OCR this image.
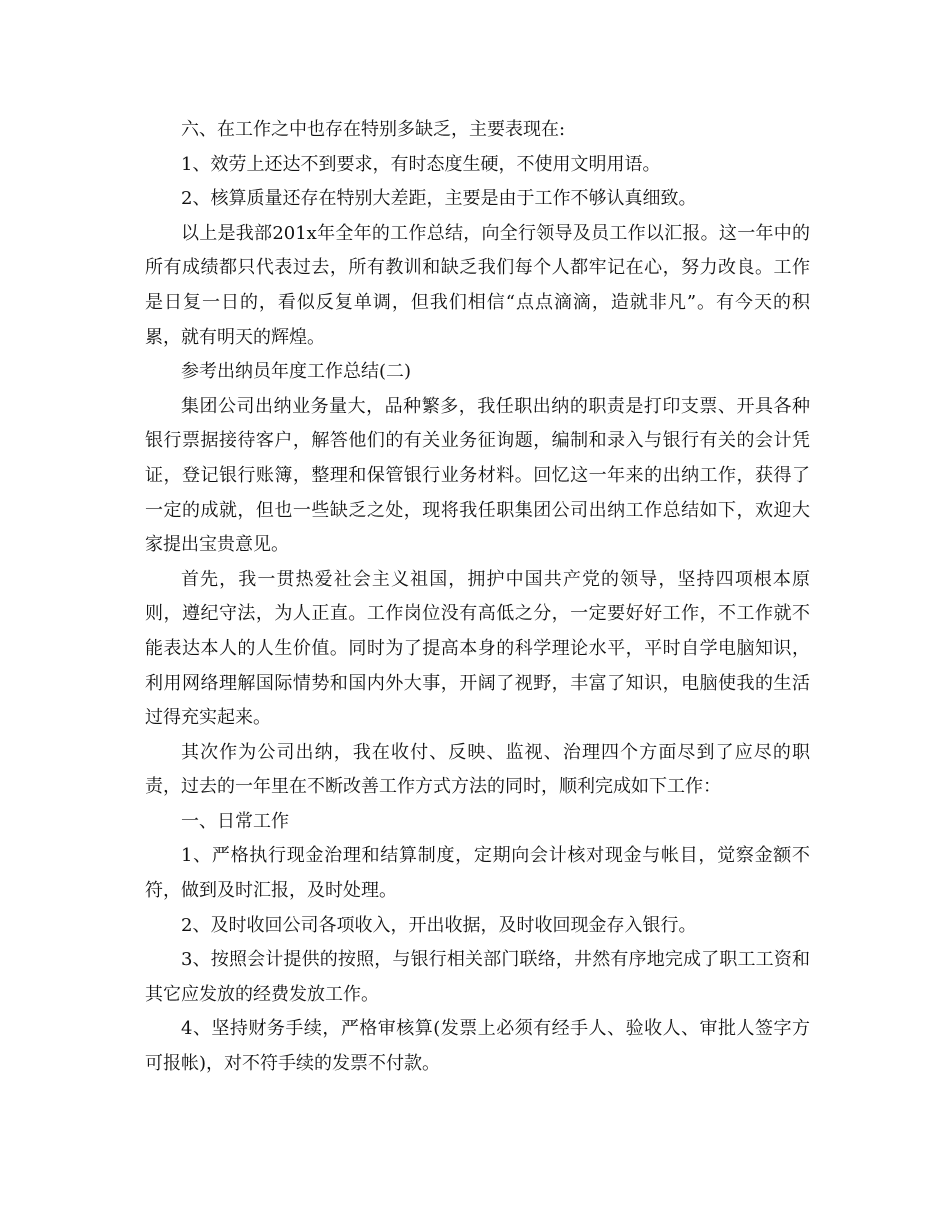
六、在工作之中也存在特别多缺乏，主要表现在:

1、效劳上还达不到要求，有时态度生硬，不使用文明用语。

2、核算质量还存在特别大差距，主要是由于工作不够认真细致。

以上是我部201x年全年的工作总结，向全行领导及员工作以汇报。这一年中的所有成绩都只代表过去，所有教训和缺乏我们每个人都牢记在心，努力改良。工作是日复一日的，看似反复单调，但我们相信“点点滴滴，造就非凡”。有今天的积累，就有明天的辉煌。

参考出纳员年度工作总结(二)

集团公司出纳业务量大，品种繁多，我任职出纳的职责是打印支票、开具各种银行票据接待客户，解答他们的有关业务征询题，编制和录入与银行有关的会计凭证，登记银行账簿，整理和保管银行业务材料。回忆这一年来的出纳工作，获得了一定的成就，但也一些缺乏之处，现将我任职集团公司出纳工作总结如下，欢迎大家提出宝贵意见。

首先，我一贯热爱社会主义祖国，拥护中国共产党的领导，坚持四项根本原则，遵纪守法，为人正直。工作岗位没有高低之分，一定要好好工作，不工作就不能表达本人的人生价值。同时为了提高本身的科学理论水平，平时自学电脑知识，利用网络理解国际情势和国内外大事，开阔了视野，丰富了知识，电脑使我的生活过得充实起来。

其次作为公司出纳，我在收付、反映、监视、治理四个方面尽到了应尽的职责，过去的一年里在不断改善工作方式方法的同时，顺利完成如下工作：

一、日常工作

1、严格执行现金治理和结算制度，定期向会计核对现金与帐目，觉察金额不符，做到及时汇报，及时处理。

2、及时收回公司各项收入，开出收据，及时收回现金存入银行。

3、按照会计提供的按照，与银行相关部门联络，井然有序地完成了职工工资和其它应发放的经费发放工作。

4、坚持财务手续，严格审核算(发票上必须有经手人、验收人、审批人签字方可报帐)，对不符手续的发票不付款。
